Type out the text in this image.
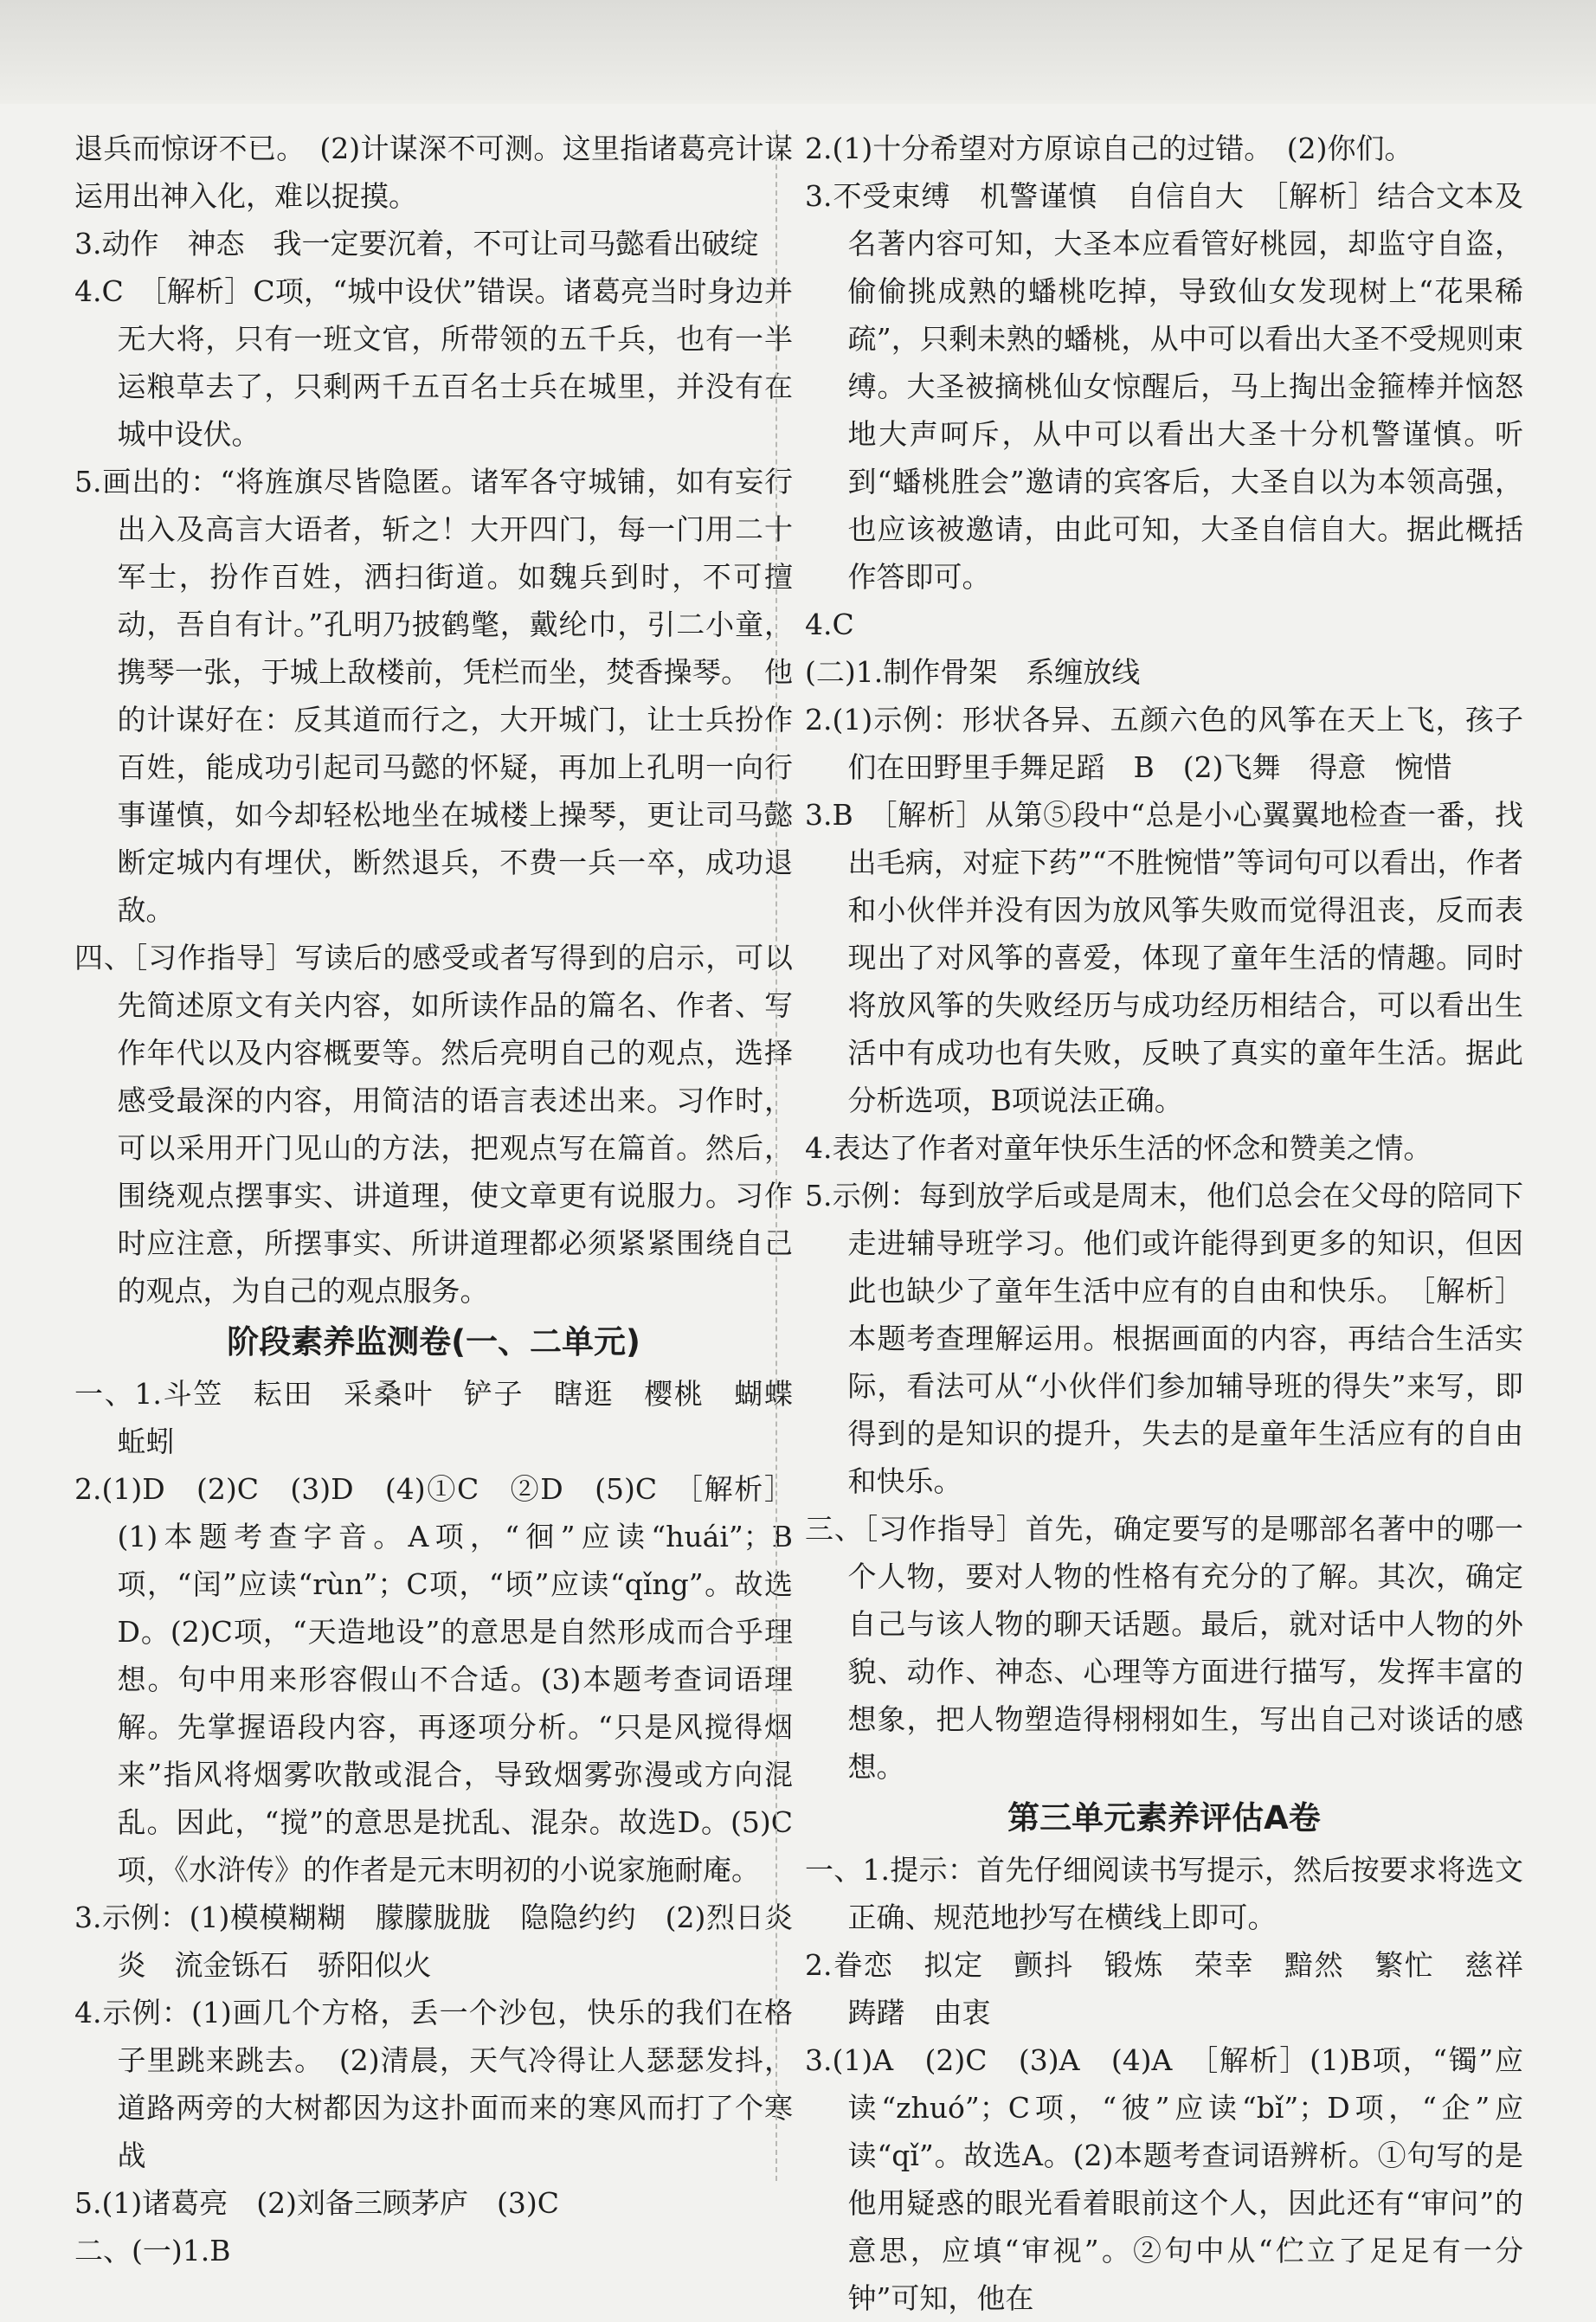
退兵而惊讶不已。　(2)计谋深不可测。这里指诸葛亮计谋运用出神入化，难以捉摸。

3.动作　神态　我一定要沉着，不可让司马懿看出破绽

4.C　［解析］C项，“城中设伏”错误。诸葛亮当时身边并无大将，只有一班文官，所带领的五千兵，也有一半运粮草去了，只剩两千五百名士兵在城里，并没有在城中设伏。

5.画出的：“将旌旗尽皆隐匿。诸军各守城铺，如有妄行出入及高言大语者，斩之！大开四门，每一门用二十军士，扮作百姓，洒扫街道。如魏兵到时，不可擅动，吾自有计。”孔明乃披鹤氅，戴纶巾，引二小童，携琴一张，于城上敌楼前，凭栏而坐，焚香操琴。　他的计谋好在：反其道而行之，大开城门，让士兵扮作百姓，能成功引起司马懿的怀疑，再加上孔明一向行事谨慎，如今却轻松地坐在城楼上操琴，更让司马懿断定城内有埋伏，断然退兵，不费一兵一卒，成功退敌。

四、［习作指导］写读后的感受或者写得到的启示，可以先简述原文有关内容，如所读作品的篇名、作者、写作年代以及内容概要等。然后亮明自己的观点，选择感受最深的内容，用简洁的语言表述出来。习作时，可以采用开门见山的方法，把观点写在篇首。然后，围绕观点摆事实、讲道理，使文章更有说服力。习作时应注意，所摆事实、所讲道理都必须紧紧围绕自己的观点，为自己的观点服务。

阶段素养监测卷(一、二单元)

一、1.斗笠　耘田　采桑叶　铲子　瞎逛　樱桃　蝴蝶　蚯蚓

2.(1)D　(2)C　(3)D　(4)①C　②D　(5)C　［解析］(1)本题考查字音。A项，“徊”应读“huái”；B项，“闰”应读“rùn”；C项，“顷”应读“qǐng”。故选D。(2)C项，“天造地设”的意思是自然形成而合乎理想。句中用来形容假山不合适。(3)本题考查词语理解。先掌握语段内容，再逐项分析。“只是风搅得烟来”指风将烟雾吹散或混合，导致烟雾弥漫或方向混乱。因此，“搅”的意思是扰乱、混杂。故选D。(5)C项，《水浒传》的作者是元末明初的小说家施耐庵。

3.示例：(1)模模糊糊　朦朦胧胧　隐隐约约　(2)烈日炎炎　流金铄石　骄阳似火

4.示例：(1)画几个方格，丢一个沙包，快乐的我们在格子里跳来跳去。　(2)清晨，天气冷得让人瑟瑟发抖，道路两旁的大树都因为这扑面而来的寒风而打了个寒战

5.(1)诸葛亮　(2)刘备三顾茅庐　(3)C

二、(一)1.B

2.(1)十分希望对方原谅自己的过错。　(2)你们。

3.不受束缚　机警谨慎　自信自大　［解析］结合文本及名著内容可知，大圣本应看管好桃园，却监守自盗，偷偷挑成熟的蟠桃吃掉，导致仙女发现树上“花果稀疏”，只剩未熟的蟠桃，从中可以看出大圣不受规则束缚。大圣被摘桃仙女惊醒后，马上掏出金箍棒并恼怒地大声呵斥，从中可以看出大圣十分机警谨慎。听到“蟠桃胜会”邀请的宾客后，大圣自以为本领高强，也应该被邀请，由此可知，大圣自信自大。据此概括作答即可。

4.C

(二)1.制作骨架　系缠放线

2.(1)示例：形状各异、五颜六色的风筝在天上飞，孩子们在田野里手舞足蹈　B　(2)飞舞　得意　惋惜

3.B　［解析］从第⑤段中“总是小心翼翼地检查一番，找出毛病，对症下药”“不胜惋惜”等词句可以看出，作者和小伙伴并没有因为放风筝失败而觉得沮丧，反而表现出了对风筝的喜爱，体现了童年生活的情趣。同时将放风筝的失败经历与成功经历相结合，可以看出生活中有成功也有失败，反映了真实的童年生活。据此分析选项，B项说法正确。

4.表达了作者对童年快乐生活的怀念和赞美之情。

5.示例：每到放学后或是周末，他们总会在父母的陪同下走进辅导班学习。他们或许能得到更多的知识，但因此也缺少了童年生活中应有的自由和快乐。　［解析］本题考查理解运用。根据画面的内容，再结合生活实际，看法可从“小伙伴们参加辅导班的得失”来写，即得到的是知识的提升，失去的是童年生活应有的自由和快乐。

三、［习作指导］首先，确定要写的是哪部名著中的哪一个人物，要对人物的性格有充分的了解。其次，确定自己与该人物的聊天话题。最后，就对话中人物的外貌、动作、神态、心理等方面进行描写，发挥丰富的想象，把人物塑造得栩栩如生，写出自己对谈话的感想。

第三单元素养评估A卷

一、1.提示：首先仔细阅读书写提示，然后按要求将选文正确、规范地抄写在横线上即可。

2.眷恋　拟定　颤抖　锻炼　荣幸　黯然　繁忙　慈祥　踌躇　由衷

3.(1)A　(2)C　(3)A　(4)A　［解析］(1)B项，“镯”应读“zhuó”；C项，“彼”应读“bǐ”；D项，“企”应读“qǐ”。故选A。(2)本题考查词语辨析。①句写的是他用疑惑的眼光看着眼前这个人，因此还有“审问”的意思，应填“审视”。②句中从“伫立了足足有一分钟”可知，他在
